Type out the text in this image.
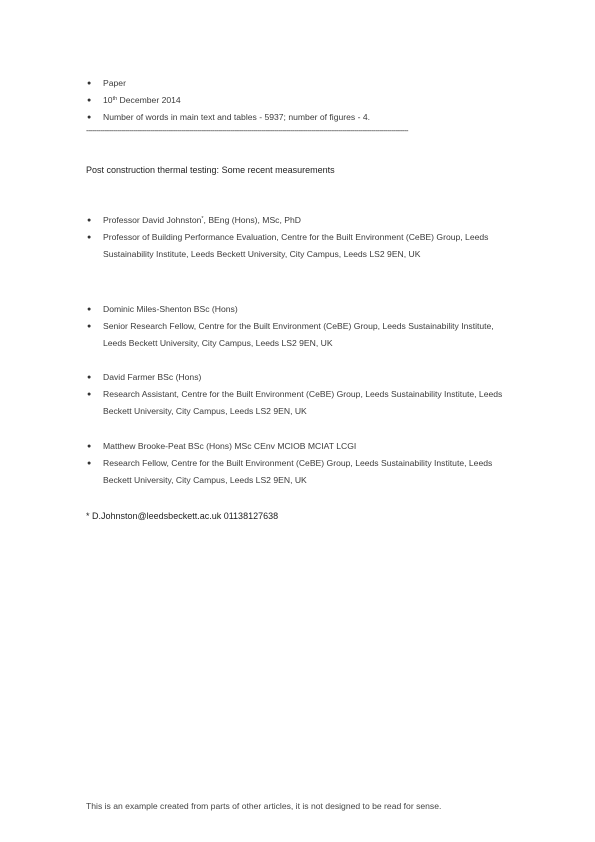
● Paper
● 10th December 2014
● Number of words in main text and tables - 5937; number of figures - 4.
------------------------------------------------------------------------------------------------------------------------------------------------------------
Post construction thermal testing: Some recent measurements
● Professor David Johnston*, BEng (Hons), MSc, PhD
● Professor of Building Performance Evaluation, Centre for the Built Environment (CeBE) Group, Leeds Sustainability Institute, Leeds Beckett University, City Campus, Leeds LS2 9EN, UK
● Dominic Miles-Shenton BSc (Hons)
● Senior Research Fellow, Centre for the Built Environment (CeBE) Group, Leeds Sustainability Institute, Leeds Beckett University, City Campus, Leeds LS2 9EN, UK
● David Farmer BSc (Hons)
● Research Assistant, Centre for the Built Environment (CeBE) Group, Leeds Sustainability Institute, Leeds Beckett University, City Campus, Leeds LS2 9EN, UK
● Matthew Brooke-Peat BSc (Hons) MSc CEnv MCIOB MCIAT LCGI
● Research Fellow, Centre for the Built Environment (CeBE) Group, Leeds Sustainability Institute, Leeds Beckett University, City Campus, Leeds LS2 9EN, UK
* D.Johnston@leedsbeckett.ac.uk 01138127638
This is an example created from parts of other articles, it is not designed to be read for sense.
